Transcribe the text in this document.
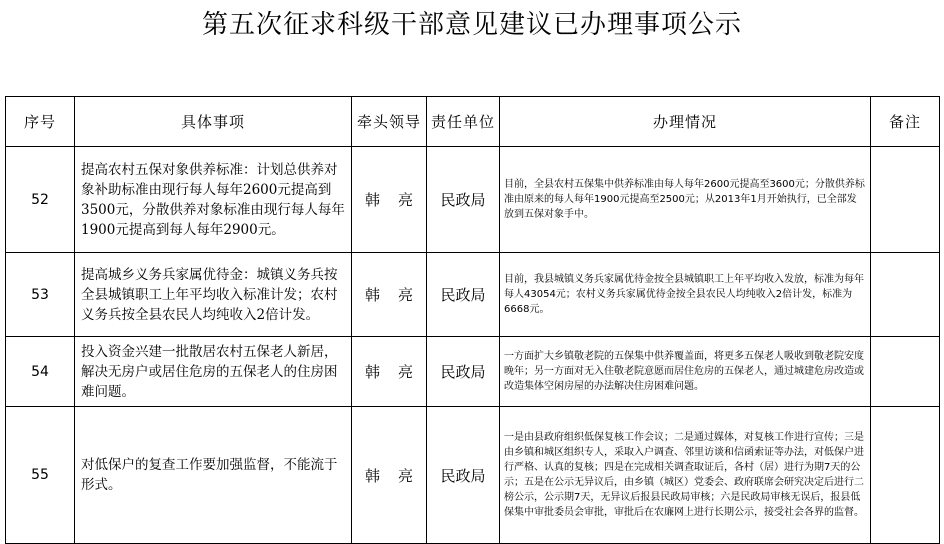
第五次征求科级干部意见建议已办理事项公示
序号	具体事项	牵头领导	责任单位	办理情况	备注
52	提高农村五保对象供养标准：计划总供养对象补助标准由现行每人每年2600元提高到3500元，分散供养对象标准由现行每人每年1900元提高到每人每年2900元。	韩 亮	民政局	目前，全县农村五保集中供养标准由每人每年2600元提高至3600元；分散供养标准由原来的每人每年1900元提高至2500元；从2013年1月开始执行，已全部发放到五保对象手中。	
53	提高城乡义务兵家属优待金：城镇义务兵按全县城镇职工上年平均收入标准计发；农村义务兵按全县农民人均纯收入2倍计发。	韩 亮	民政局	目前，我县城镇义务兵家属优待金按全县城镇职工上年平均收入发放，标准为每年每人43054元；农村义务兵家属优待金按全县农民人均纯收入2倍计发，标准为6668元。	
54	投入资金兴建一批散居农村五保老人新居，解决无房户或居住危房的五保老人的住房困难问题。	韩 亮	民政局	一方面扩大乡镇敬老院的五保集中供养覆盖面，将更多五保老人吸收到敬老院安度晚年；另一方面对无入住敬老院意愿而居住危房的五保老人，通过城建危房改造或改造集体空闲房屋的办法解决住房困难问题。	
55	对低保户的复查工作要加强监督，不能流于形式。	韩 亮	民政局	一是由县政府组织低保复核工作会议；二是通过媒体，对复核工作进行宣传；三是由乡镇和城区组织专人，采取入户调查、邻里访谈和信函索证等办法，对低保户进行严格、认真的复核；四是在完成相关调查取证后，各村（居）进行为期7天的公示；五是在公示无异议后，由乡镇（城区）党委会、政府联席会研究决定后进行二榜公示，公示期7天，无异议后报县民政局审核；六是民政局审核无误后，报县低保集中审批委员会审批，审批后在农廉网上进行长期公示，接受社会各界的监督。	
